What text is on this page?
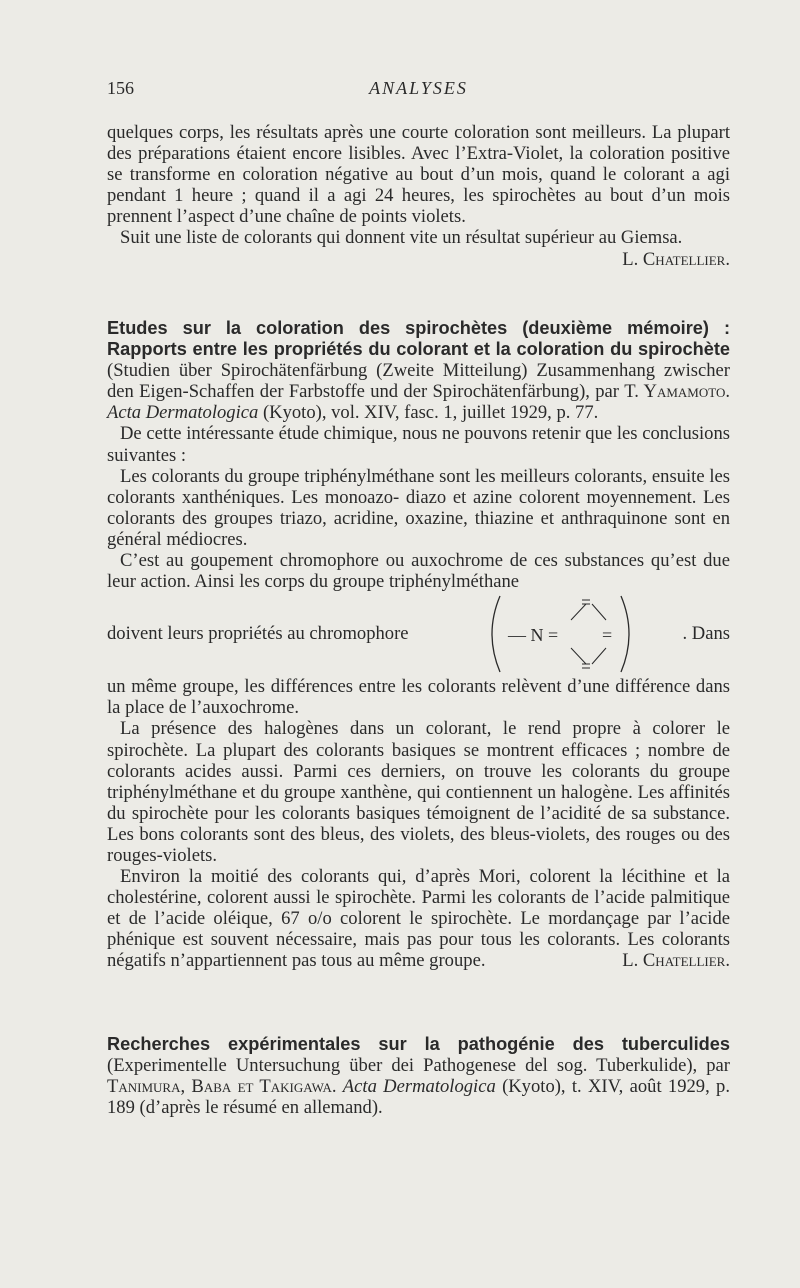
156	ANALYSES

quelques corps, les résultats après une courte coloration sont meilleurs. La plupart des préparations étaient encore lisibles. Avec l’Extra-Violet, la coloration positive se transforme en coloration négative au bout d’un mois, quand le colorant a agi pendant 1 heure ; quand il a agi 24 heures, les spirochètes au bout d’un mois prennent l’aspect d’une chaîne de points violets.

Suit une liste de colorants qui donnent vite un résultat supérieur au Giemsa.
L. Chatellier.

Etudes sur la coloration des spirochètes (deuxième mémoire) : Rapports entre les propriétés du colorant et la coloration du spirochète (Studien über Spirochätenfärbung (Zweite Mitteilung) Zusammenhang zwischer den Eigen-Schaffen der Farbstoffe und der Spirochätenfärbung), par T. Yamamoto. Acta Dermatologica (Kyoto), vol. XIV, fasc. 1, juillet 1929, p. 77.

De cette intéressante étude chimique, nous ne pouvons retenir que les conclusions suivantes :

Les colorants du groupe triphénylméthane sont les meilleurs colorants, ensuite les colorants xanthéniques. Les monoazo- diazo et azine colorent moyennement. Les colorants des groupes triazo, acridine, oxazine, thiazine et anthraquinone sont en général médiocres.

C’est au goupement chromophore ou auxochrome de ces substances qu’est due leur action. Ainsi les corps du groupe triphénylméthane

doivent leurs propriétés au chromophore	— N = =	. Dans

un même groupe, les différences entre les colorants relèvent d’une différence dans la place de l’auxochrome.

La présence des halogènes dans un colorant, le rend propre à colorer le spirochète. La plupart des colorants basiques se montrent efficaces ; nombre de colorants acides aussi. Parmi ces derniers, on trouve les colorants du groupe triphénylméthane et du groupe xanthène, qui contiennent un halogène. Les affinités du spirochète pour les colorants basiques témoignent de l’acidité de sa substance. Les bons colorants sont des bleus, des violets, des bleus-violets, des rouges ou des rouges-violets.

Environ la moitié des colorants qui, d’après Mori, colorent la lécithine et la cholestérine, colorent aussi le spirochète. Parmi les colorants de l’acide palmitique et de l’acide oléique, 67 o/o colorent le spirochète. Le mordançage par l’acide phénique est souvent nécessaire, mais pas pour tous les colorants. Les colorants négatifs n’appartiennent pas tous au même groupe.	L. Chatellier.

Recherches expérimentales sur la pathogénie des tuberculides (Experimentelle Untersuchung über dei Pathogenese del sog. Tuberkulide), par Tanimura, Baba et Takigawa. Acta Dermatologica (Kyoto), t. XIV, août 1929, p. 189 (d’après le résumé en allemand).
